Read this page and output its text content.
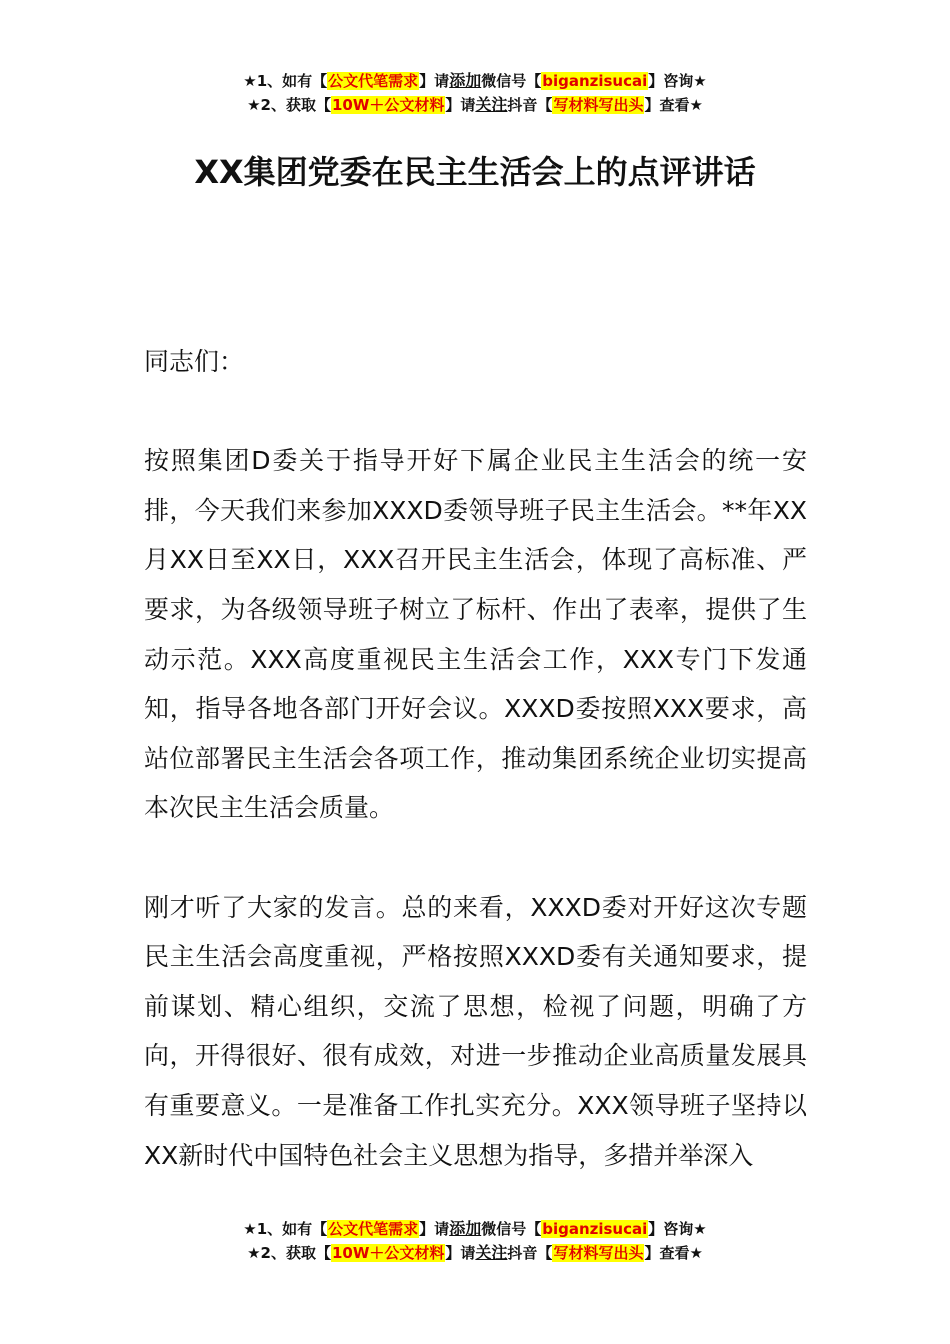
★1、如有【公文代笔需求】请添加微信号【biganzisucai】咨询★
★2、获取【10W＋公文材料】请关注抖音【写材料写出头】查看★
XX集团党委在民主生活会上的点评讲话

同志们：

按照集团D委关于指导开好下属企业民主生活会的统一安排，今天我们来参加XXXD委领导班子民主生活会。**年XX月XX日至XX日，XXX召开民主生活会，体现了高标准、严要求，为各级领导班子树立了标杆、作出了表率，提供了生动示范。XXX高度重视民主生活会工作，XXX专门下发通知，指导各地各部门开好会议。XXXD委按照XXX要求，高站位部署民主生活会各项工作，推动集团系统企业切实提高本次民主生活会质量。

刚才听了大家的发言。总的来看，XXXD委对开好这次专题民主生活会高度重视，严格按照XXXD委有关通知要求，提前谋划、精心组织，交流了思想，检视了问题，明确了方向，开得很好、很有成效，对进一步推动企业高质量发展具有重要意义。一是准备工作扎实充分。XXX领导班子坚持以XX新时代中国特色社会主义思想为指导，多措并举深入

★1、如有【公文代笔需求】请添加微信号【biganzisucai】咨询★
★2、获取【10W＋公文材料】请关注抖音【写材料写出头】查看★
